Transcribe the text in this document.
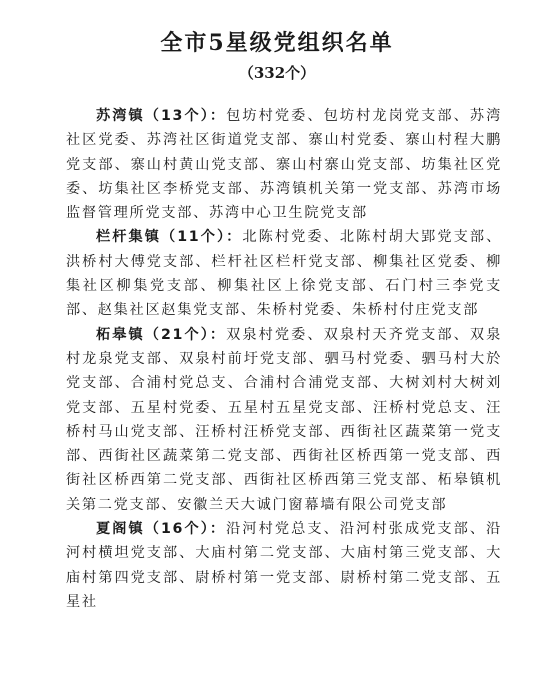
全市5星级党组织名单
（332个）

苏湾镇（13个）：包坊村党委、包坊村龙岗党支部、苏湾社区党委、苏湾社区街道党支部、寨山村党委、寨山村程大鹏党支部、寨山村黄山党支部、寨山村寨山党支部、坊集社区党委、坊集社区李桥党支部、苏湾镇机关第一党支部、苏湾市场监督管理所党支部、苏湾中心卫生院党支部

栏杆集镇（11个）：北陈村党委、北陈村胡大郢党支部、洪桥村大傅党支部、栏杆社区栏杆党支部、柳集社区党委、柳集社区柳集党支部、柳集社区上徐党支部、石门村三李党支部、赵集社区赵集党支部、朱桥村党委、朱桥村付庄党支部

柘皋镇（21个）：双泉村党委、双泉村天齐党支部、双泉村龙泉党支部、双泉村前圩党支部、驷马村党委、驷马村大於党支部、合浦村党总支、合浦村合浦党支部、大树刘村大树刘党支部、五星村党委、五星村五星党支部、汪桥村党总支、汪桥村马山党支部、汪桥村汪桥党支部、西街社区蔬菜第一党支部、西街社区蔬菜第二党支部、西街社区桥西第一党支部、西街社区桥西第二党支部、西街社区桥西第三党支部、柘皋镇机关第二党支部、安徽兰天大诚门窗幕墙有限公司党支部

夏阁镇（16个）：沿河村党总支、沿河村张成党支部、沿河村横坦党支部、大庙村第二党支部、大庙村第三党支部、大庙村第四党支部、尉桥村第一党支部、尉桥村第二党支部、五星社
